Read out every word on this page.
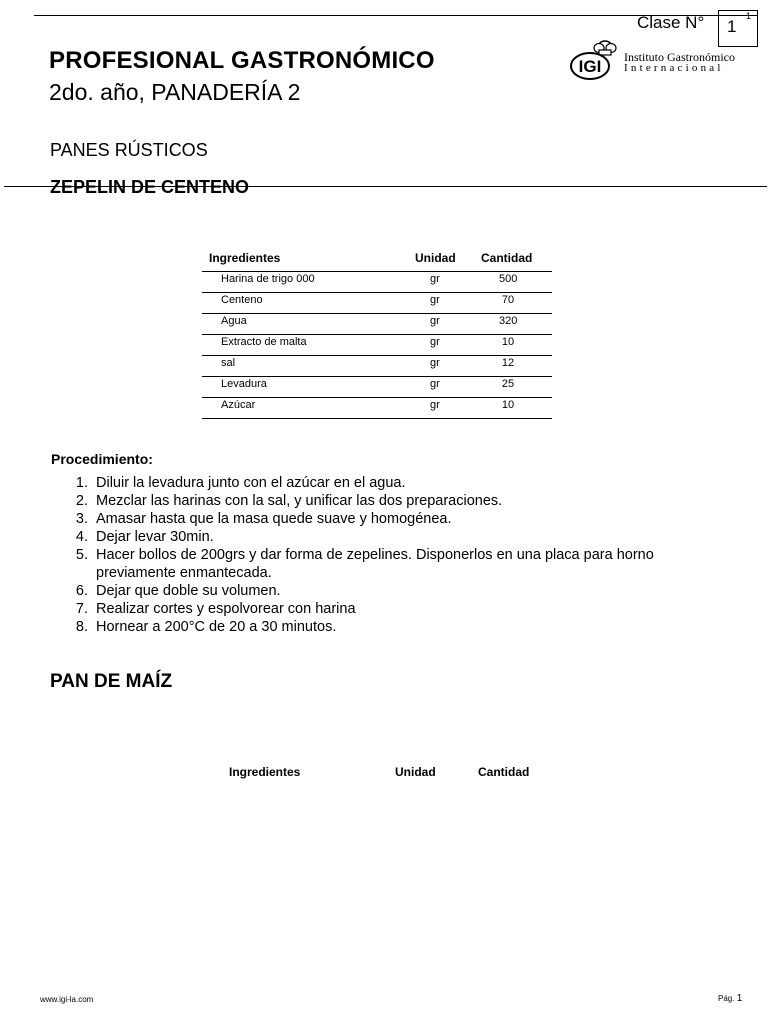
Clase N° 1
1
PROFESIONAL GASTRONÓMICO
2do. año, PANADERÍA 2
IGI Instituto Gastronómico
Internacional
PANES RÚSTICOS
ZEPELIN DE CENTENO
Ingredientes	Unidad Cantidad
Harina de trigo 000	gr	500
Centeno	gr	70
Agua	gr	320
Extracto de malta	gr	10
sal	gr	12
Levadura	gr	25
Azúcar	gr	10
Procedimiento:
1. Diluir la levadura junto con el azúcar en el agua.
2. Mezclar las harinas con la sal, y unificar las dos preparaciones.
3. Amasar hasta que la masa quede suave y homogénea.
4. Dejar levar 30min.
5. Hacer bollos de 200grs y dar forma de zepelines. Disponerlos en una placa para horno previamente enmantecada.
6. Dejar que doble su volumen.
7. Realizar cortes y espolvorear con harina
8. Hornear a 200°C de 20 a 30 minutos.
PAN DE MAÍZ
Ingredientes	Unidad	Cantidad
www.igi-la.com	Pág. 1
